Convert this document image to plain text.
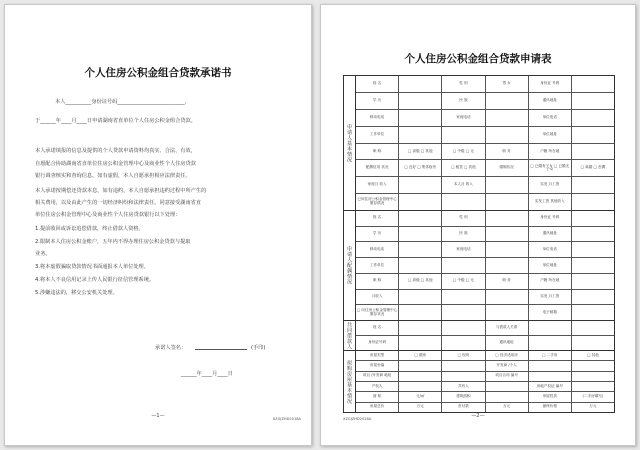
个人住房公积金组合贷款承诺书
本人__________身份证号码__________________________，
于______年____月____日申请湖南省直单位个人住房公积金组合贷款。
本人承诺填报的信息及提供的个人贷款申请资料均真实、合法、有效，
自愿配合协助湖南省直单位住房公积金管理中心及商业性个人住房贷款
银行调查核实和查询信息。如有虚假，本人自愿承担相应法律责任。
本人承诺按期偿还贷款本息，如有违约，本人自愿承担违约过程中所产生的
相关费用，以及由此产生的一切经济纠纷和法律责任。同意接受湖南省直
单位住房公积金管理中心及商业性个人住房贷款银行以下处理：
1.提前收回或诉讼追偿借款，终止借款人资格。
2.限制本人住房公积金账户，五年内不得办理住房公积金贷款与提取
业务。
3.将本虚假骗取贷款情况书面通报本人单位处理。
4.将本人不良信用记录上传人民银行征信管理系统。
5.涉嫌违法的，移交公安机关处理。
承诺人签名：	(手印)
______年____月____日
—1—	XZGJZHD2018A
个人住房公积金组合贷款申请表
申请人基本情况
姓 名	性 别	男 女	身份证 号码
学 历	民 族	通讯地址
移动电话	家庭电话	单位电话
工作单位	单位地址
职 称	□ 高级 □ 其他	□ 中级 □ 无	职 务	户籍 所在地
配偶信用 状况	□ 良好 □ 集体宿舍	□ 租赁 □ 其他	婚姻状况	□ 已婚有子女 □ 已婚无子女	□ 离婚 □ 丧偶
家庭月 收入	本人月 收入	实发 月工资
已向住房公积金管理中心 缴存情况	实发工资 其他收入
申请人配偶情况
姓 名	性 别	身份证 号码
学 历	民 族	通讯地址
移动电话	家庭电话	单位电话
工作单位	单位地址
职 称	□ 高级 □ 其他	□ 中级 □ 无	职 务	户籍 所在地
月收入	实发 月工资
□ 向住房公积金管理中心 缴存状况	电子邮箱
共同借款人	姓 名	与借款人关系
身份证号码	通讯地址
拟购房屋基本情况
房屋类型	□ 期房	□ 现房	□ 经济适用房	□ 二手房	□ 其他
房屋坐落	开发商 /个人
项目 /开发商 地址	项目合同 编号
产权人	共有人	房地产权证 编号
面 积	元/㎡	建筑面积	房屋性质	(二手房填写)
房屋总价	万元	首付款	万元	最终价格	万元
—2—
XZGJZHD2018A
